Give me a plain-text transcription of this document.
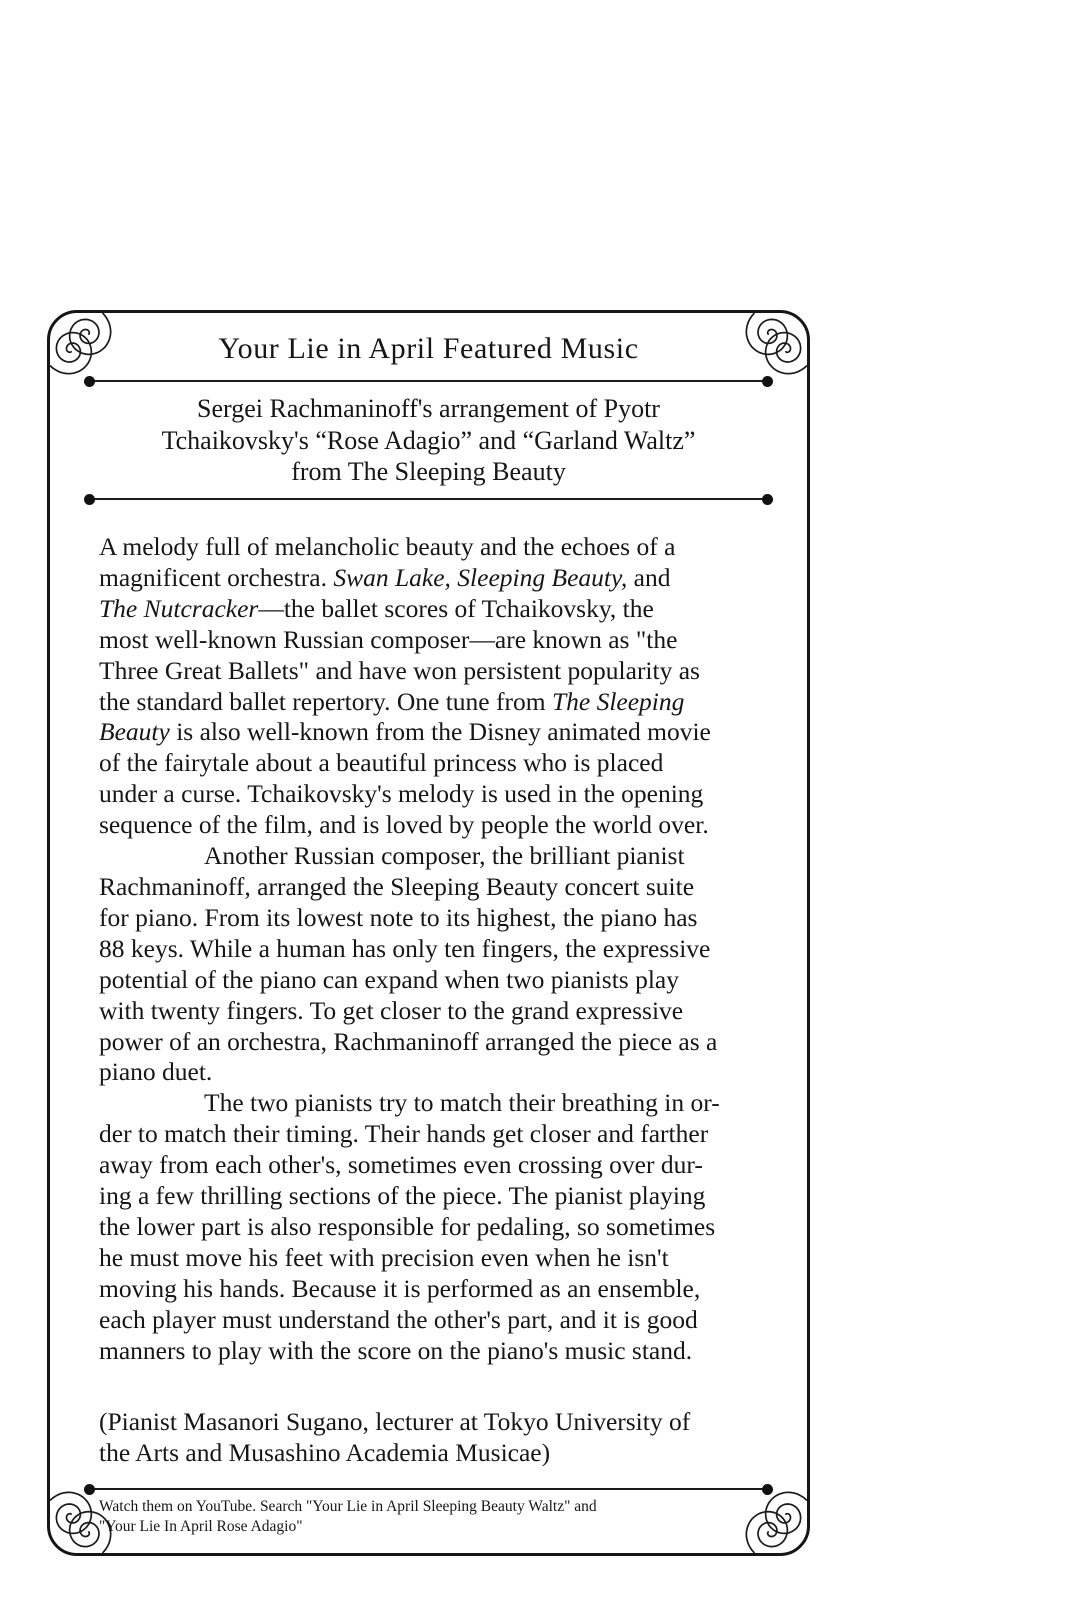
Your Lie in April Featured Music
Sergei Rachmaninoff's arrangement of Pyotr
Tchaikovsky's “Rose Adagio” and “Garland Waltz”
from The Sleeping Beauty
A melody full of melancholic beauty and the echoes of a
magnificent orchestra. Swan Lake, Sleeping Beauty, and
The Nutcracker—the ballet scores of Tchaikovsky, the
most well-known Russian composer—are known as "the
Three Great Ballets" and have won persistent popularity as
the standard ballet repertory. One tune from The Sleeping
Beauty is also well-known from the Disney animated movie
of the fairytale about a beautiful princess who is placed
under a curse. Tchaikovsky's melody is used in the opening
sequence of the film, and is loved by people the world over.
Another Russian composer, the brilliant pianist
Rachmaninoff, arranged the Sleeping Beauty concert suite
for piano. From its lowest note to its highest, the piano has
88 keys. While a human has only ten fingers, the expressive
potential of the piano can expand when two pianists play
with twenty fingers. To get closer to the grand expressive
power of an orchestra, Rachmaninoff arranged the piece as a
piano duet.
The two pianists try to match their breathing in or-
der to match their timing. Their hands get closer and farther
away from each other's, sometimes even crossing over dur-
ing a few thrilling sections of the piece. The pianist playing
the lower part is also responsible for pedaling, so sometimes
he must move his feet with precision even when he isn't
moving his hands. Because it is performed as an ensemble,
each player must understand the other's part, and it is good
manners to play with the score on the piano's music stand.
(Pianist Masanori Sugano, lecturer at Tokyo University of
the Arts and Musashino Academia Musicae)
Watch them on YouTube. Search "Your Lie in April Sleeping Beauty Waltz" and
"Your Lie In April Rose Adagio"
